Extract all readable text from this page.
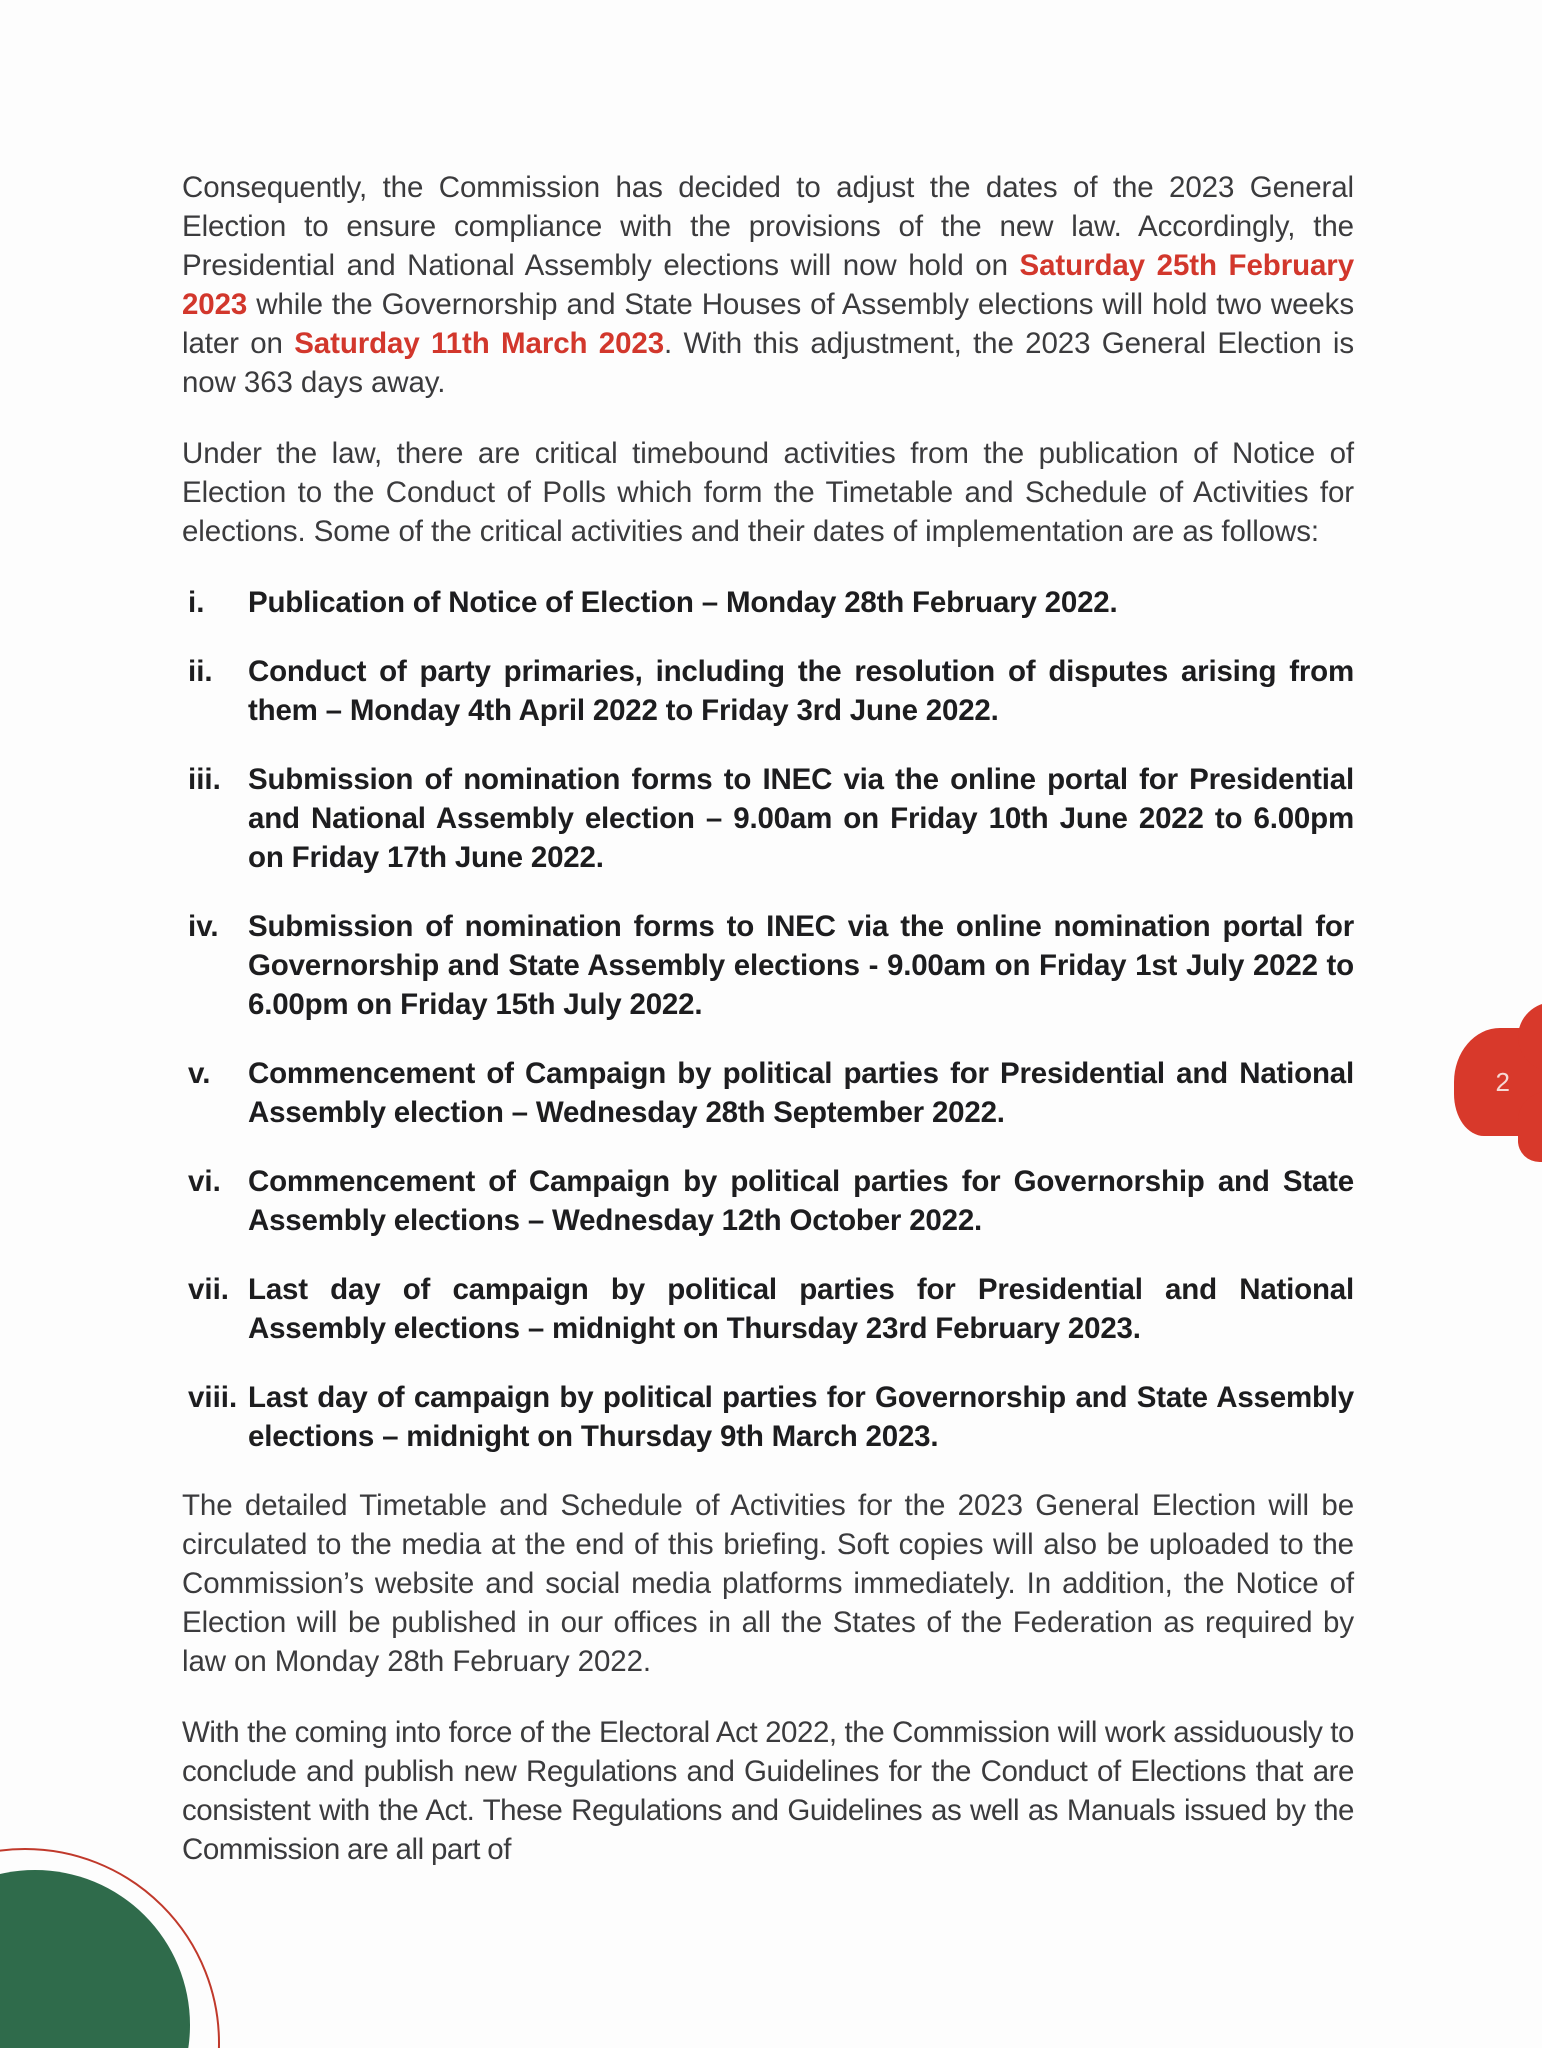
2

Consequently, the Commission has decided to adjust the dates of the 2023 General Election to ensure compliance with the provisions of the new law. Accordingly, the Presidential and National Assembly elections will now hold on Saturday 25th February 2023 while the Governorship and State Houses of Assembly elections will hold two weeks later on Saturday 11th March 2023. With this adjustment, the 2023 General Election is now 363 days away.

Under the law, there are critical timebound activities from the publication of Notice of Election to the Conduct of Polls which form the Timetable and Schedule of Activities for elections. Some of the critical activities and their dates of implementation are as follows:

i.	Publication of Notice of Election – Monday 28th February 2022.
ii.	Conduct of party primaries, including the resolution of disputes arising from them – Monday 4th April 2022 to Friday 3rd June 2022.
iii. Submission of nomination forms to INEC via the online portal for Presidential and National Assembly election – 9.00am on Friday 10th June 2022 to 6.00pm on Friday 17th June 2022.
iv. Submission of nomination forms to INEC via the online nomination portal for Governorship and State Assembly elections - 9.00am on Friday 1st July 2022 to 6.00pm on Friday 15th July 2022.
v.	Commencement of Campaign by political parties for Presidential and National Assembly election – Wednesday 28th September 2022.
vi. Commencement of Campaign by political parties for Governorship and State Assembly elections – Wednesday 12th October 2022.
vii. Last day of campaign by political parties for Presidential and National Assembly elections – midnight on Thursday 23rd February 2023.
viii. Last day of campaign by political parties for Governorship and State Assembly elections – midnight on Thursday 9th March 2023.

The detailed Timetable and Schedule of Activities for the 2023 General Election will be circulated to the media at the end of this briefing. Soft copies will also be uploaded to the Commission’s website and social media platforms immediately. In addition, the Notice of Election will be published in our offices in all the States of the Federation as required by law on Monday 28th February 2022.

With the coming into force of the Electoral Act 2022, the Commission will work assiduously to conclude and publish new Regulations and Guidelines for the Conduct of Elections that are consistent with the Act. These Regulations and Guidelines as well as Manuals issued by the Commission are all part of
